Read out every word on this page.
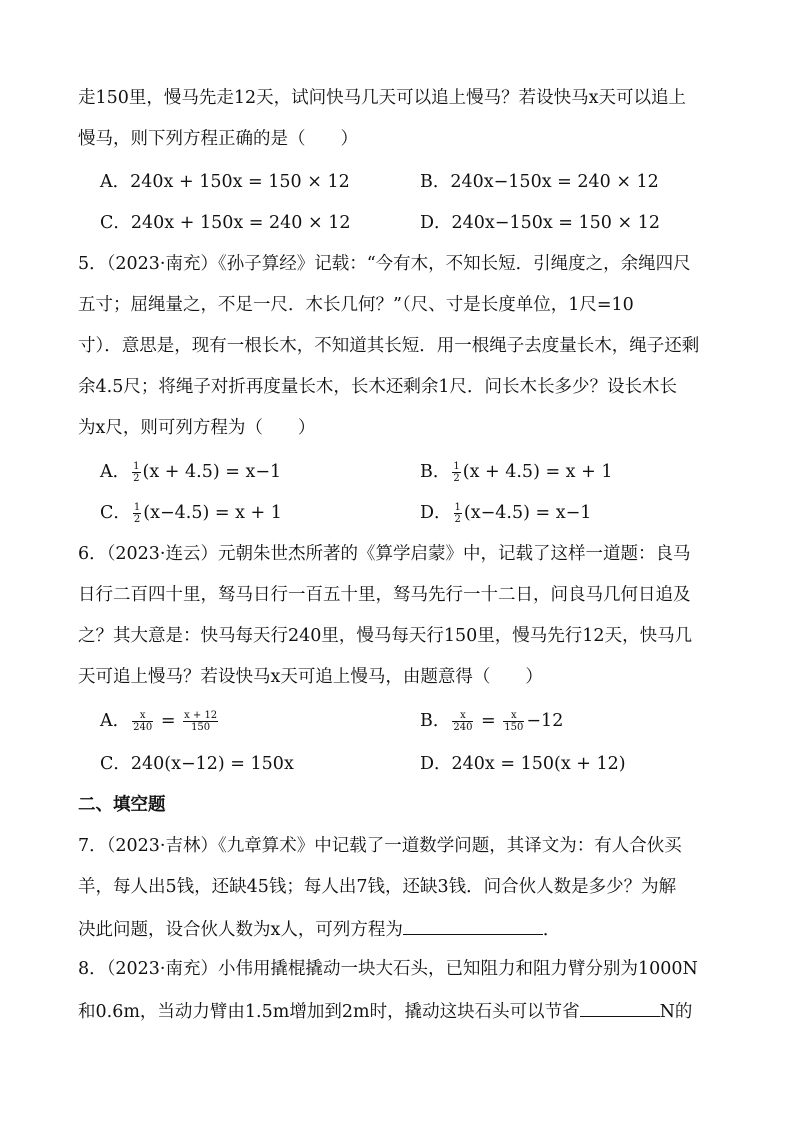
走150里，慢马先走12天，试问快马几天可以追上慢马？若设快马x天可以追上
慢马，则下列方程正确的是（　　）
A．240x + 150x = 150 × 12	B．240x−150x = 240 × 12
C．240x + 150x = 240 × 12	D．240x−150x = 150 × 12
5．（2023·南充）《孙子算经》记载：“今有木，不知长短．引绳度之，余绳四尺
五寸；屈绳量之，不足一尺．木长几何？”（尺、寸是长度单位，1尺=10
寸）．意思是，现有一根长木，不知道其长短．用一根绳子去度量长木，绳子还剩
余4.5尺；将绳子对折再度量长木，长木还剩余1尺．问长木长多少？设长木长
为x尺，则可列方程为（　　）
A． $\frac{1}{2} (x + 4.5) = x-1$	B． $\frac{1}{2} (x + 4.5) = x + 1$
C． $\frac{1}{2} (x-4.5) = x + 1$	D． $\frac{1}{2} (x-4.5) = x-1$
6．（2023·连云）元朝朱世杰所著的《算学启蒙》中，记载了这样一道题：良马
日行二百四十里，驽马日行一百五十里，驽马先行一十二日，问良马几何日追及
之？其大意是：快马每天行240里，慢马每天行150里，慢马先行12天，快马几
天可追上慢马？若设快马x天可追上慢马，由题意得（　　）
A． $\frac{x}{240} = \frac{x + 12}{150}$	B． $\frac{x}{240} = \frac{x}{150} -12$
C．240(x−12) = 150x	D．240x = 150(x + 12)
二、填空题
7．（2023·吉林）《九章算术》中记载了一道数学问题，其译文为：有人合伙买
羊，每人出5钱，还缺45钱；每人出7钱，还缺3钱．问合伙人数是多少？为解
决此问题，设合伙人数为x人，可列方程为	．
8．（2023·南充）小伟用撬棍撬动一块大石头，已知阻力和阻力臂分别为1000N
和0.6m，当动力臂由1.5m增加到2m时，撬动这块石头可以节省	N的
